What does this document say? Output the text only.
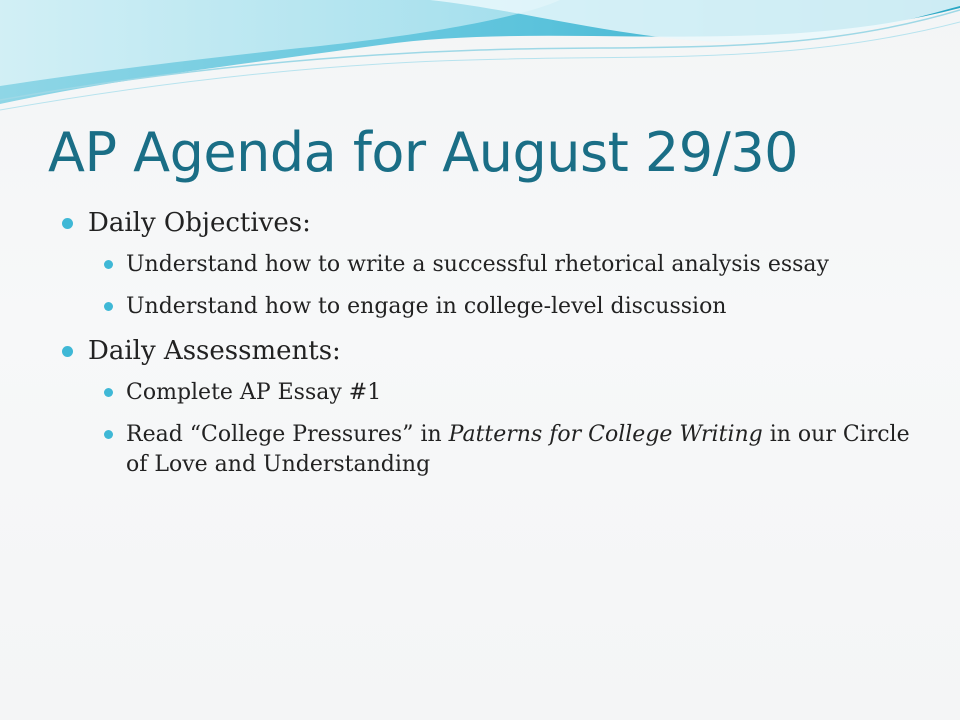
AP Agenda for August 29/30
Daily Objectives:
Understand how to write a successful rhetorical analysis essay
Understand how to engage in college-level discussion
Daily Assessments:
Complete AP Essay #1
Read “College Pressures” in Patterns for College Writing in our Circle of Love and Understanding
